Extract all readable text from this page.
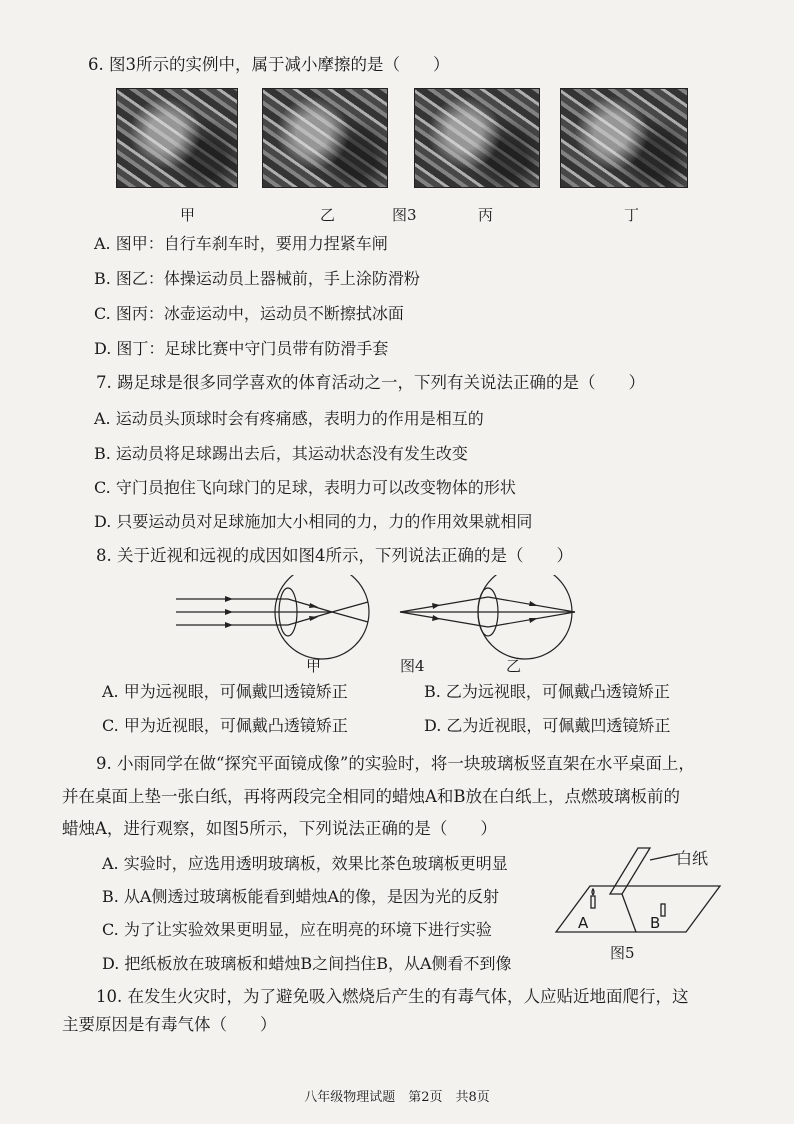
6. 图3所示的实例中，属于减小摩擦的是（　　）
甲	乙	图3	丙	丁
A. 图甲：自行车刹车时，要用力捏紧车闸
B. 图乙：体操运动员上器械前，手上涂防滑粉
C. 图丙：冰壶运动中，运动员不断擦拭冰面
D. 图丁：足球比赛中守门员带有防滑手套
7. 踢足球是很多同学喜欢的体育活动之一，下列有关说法正确的是（　　）
A. 运动员头顶球时会有疼痛感，表明力的作用是相互的
B. 运动员将足球踢出去后，其运动状态没有发生改变
C. 守门员抱住飞向球门的足球，表明力可以改变物体的形状
D. 只要运动员对足球施加大小相同的力，力的作用效果就相同
8. 关于近视和远视的成因如图4所示，下列说法正确的是（　　）
甲	图4	乙
A. 甲为远视眼，可佩戴凹透镜矫正	B. 乙为远视眼，可佩戴凸透镜矫正
C. 甲为近视眼，可佩戴凸透镜矫正	D. 乙为近视眼，可佩戴凹透镜矫正
9. 小雨同学在做“探究平面镜成像”的实验时，将一块玻璃板竖直架在水平桌面上，
并在桌面上垫一张白纸，再将两段完全相同的蜡烛A和B放在白纸上，点燃玻璃板前的
蜡烛A，进行观察，如图5所示，下列说法正确的是（　　）
A. 实验时，应选用透明玻璃板，效果比茶色玻璃板更明显
B. 从A侧透过玻璃板能看到蜡烛A的像，是因为光的反射
C. 为了让实验效果更明显，应在明亮的环境下进行实验
D. 把纸板放在玻璃板和蜡烛B之间挡住B，从A侧看不到像
白纸
A	B
图5
10. 在发生火灾时，为了避免吸入燃烧后产生的有毒气体，人应贴近地面爬行，这
主要原因是有毒气体（　　）
八年级物理试题　第2页　共8页
